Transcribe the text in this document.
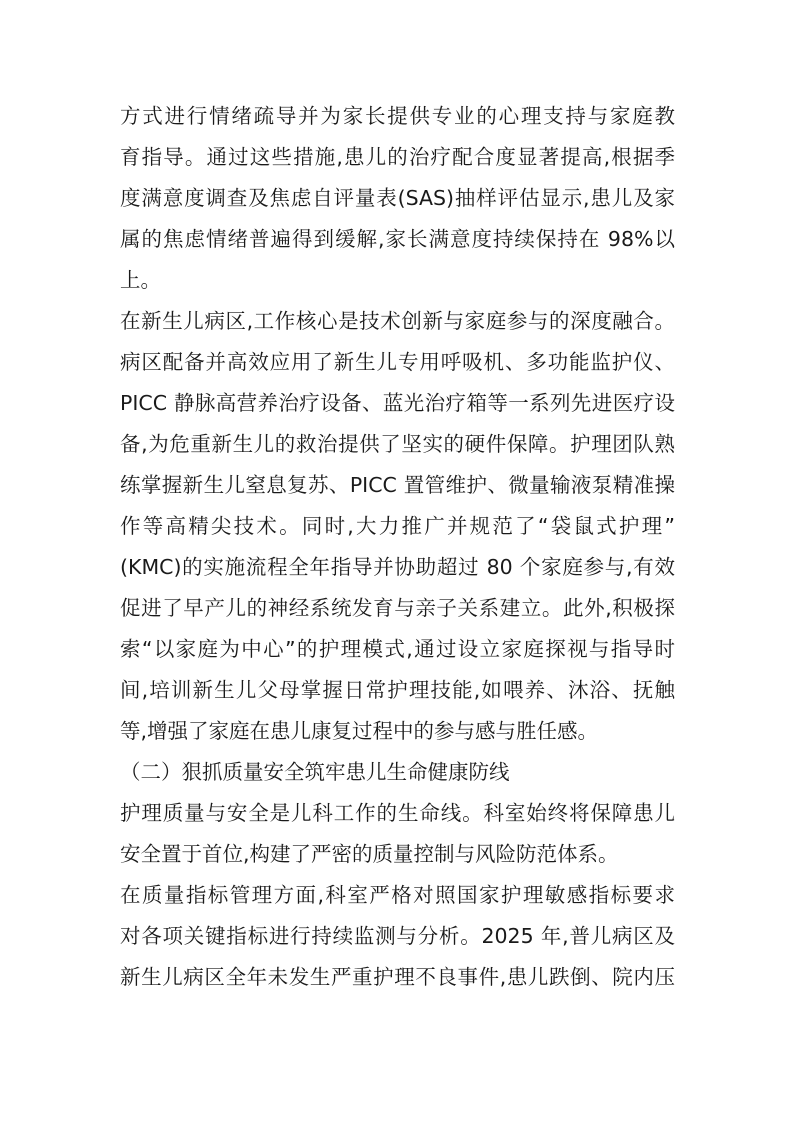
方式进行情绪疏导并为家长提供专业的心理支持与家庭教
育指导。通过这些措施,患儿的治疗配合度显著提高,根据季
度满意度调查及焦虑自评量表(SAS)抽样评估显示,患儿及家
属的焦虑情绪普遍得到缓解,家长满意度持续保持在 98%以
上。
在新生儿病区,工作核心是技术创新与家庭参与的深度融合。
病区配备并高效应用了新生儿专用呼吸机、多功能监护仪、
PICC 静脉高营养治疗设备、蓝光治疗箱等一系列先进医疗设
备,为危重新生儿的救治提供了坚实的硬件保障。护理团队熟
练掌握新生儿窒息复苏、PICC 置管维护、微量输液泵精准操
作等高精尖技术。同时,大力推广并规范了“袋鼠式护理”
(KMC)的实施流程全年指导并协助超过 80 个家庭参与,有效
促进了早产儿的神经系统发育与亲子关系建立。此外,积极探
索“以家庭为中心”的护理模式,通过设立家庭探视与指导时
间,培训新生儿父母掌握日常护理技能,如喂养、沐浴、抚触
等,增强了家庭在患儿康复过程中的参与感与胜任感。
（二）狠抓质量安全筑牢患儿生命健康防线
护理质量与安全是儿科工作的生命线。科室始终将保障患儿
安全置于首位,构建了严密的质量控制与风险防范体系。
在质量指标管理方面,科室严格对照国家护理敏感指标要求
对各项关键指标进行持续监测与分析。2025 年,普儿病区及
新生儿病区全年未发生严重护理不良事件,患儿跌倒、院内压
